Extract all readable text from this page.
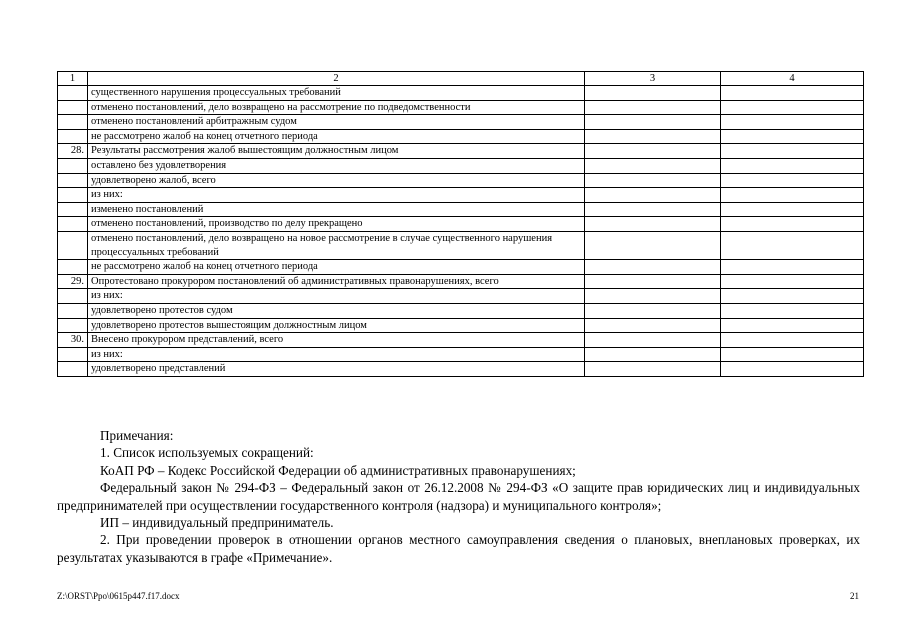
1	2	3	4
	существенного нарушения процессуальных требований		
	отменено постановлений, дело возвращено на рассмотрение по подведомственности		
	отменено постановлений арбитражным судом		
	не рассмотрено жалоб на конец отчетного периода		
28.	Результаты рассмотрения жалоб вышестоящим должностным лицом		
	оставлено без удовлетворения		
	удовлетворено жалоб, всего		
	из них:		
	изменено постановлений		
	отменено постановлений, производство по делу прекращено		
	отменено постановлений, дело возвращено на новое рассмотрение в случае существенного нарушения процессуальных требований		
	не рассмотрено жалоб на конец отчетного периода		
29.	Опротестовано прокурором постановлений об административных правонарушениях, всего		
	из них:		
	удовлетворено протестов судом		
	удовлетворено протестов вышестоящим должностным лицом		
30.	Внесено прокурором представлений, всего		
	из них:		
	удовлетворено представлений		

Примечания:

1. Список используемых сокращений:

КоАП РФ – Кодекс Российской Федерации об административных правонарушениях;

Федеральный закон № 294-ФЗ – Федеральный закон от 26.12.2008 № 294-ФЗ «О защите прав юридических лиц и индивидуальных предпринимателей при осуществлении государственного контроля (надзора) и муниципального контроля»;

ИП – индивидуальный предприниматель.

2. При проведении проверок в отношении органов местного самоуправления сведения о плановых, внеплановых проверках, их результатах указываются в графе «Примечание».

Z:\ORST\Ppo\0615p447.f17.docx	21
